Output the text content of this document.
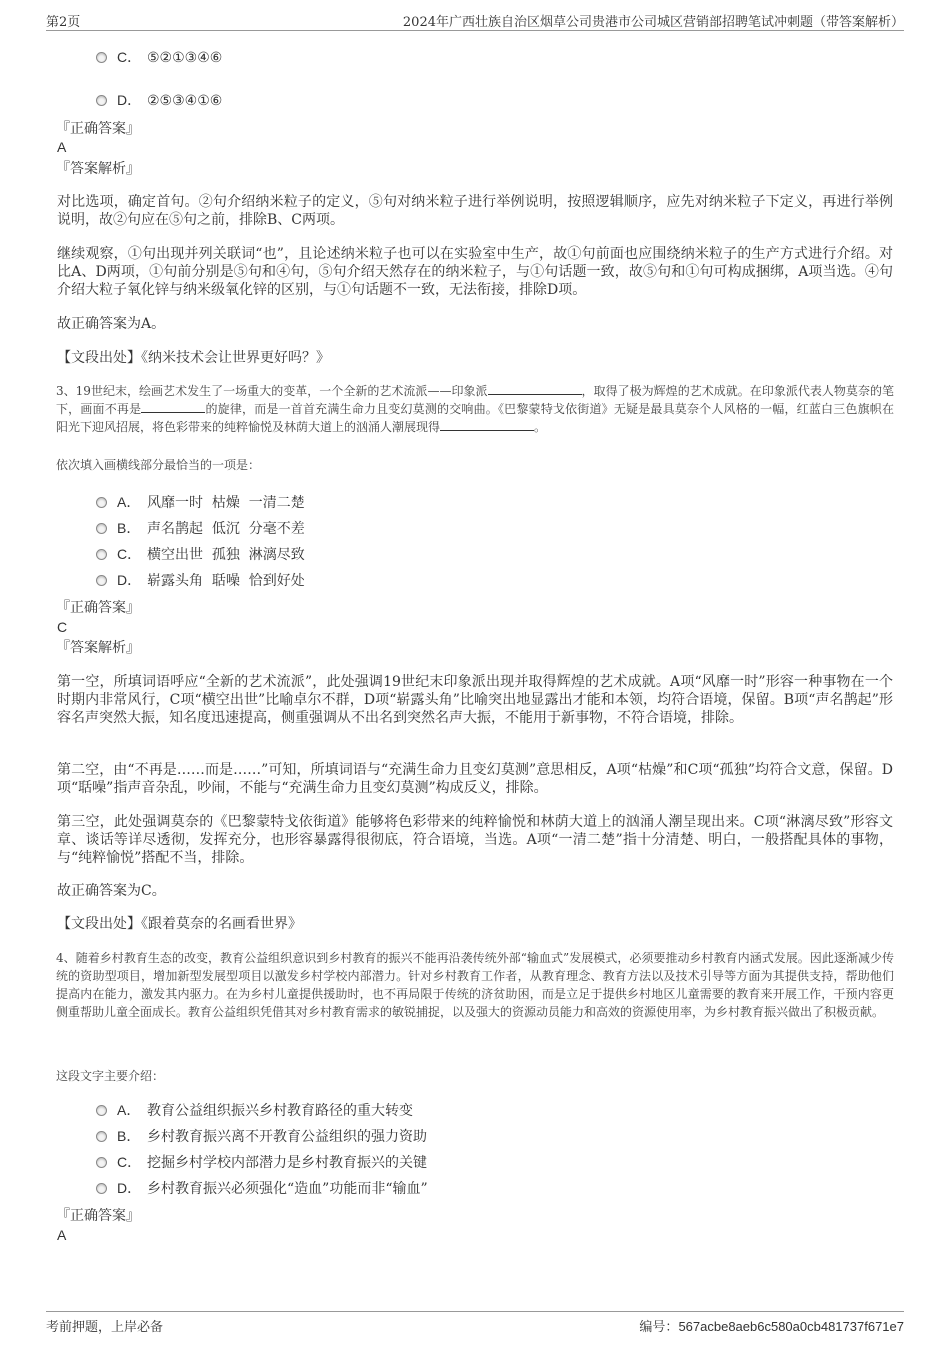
第2页	2024年广西壮族自治区烟草公司贵港市公司城区营销部招聘笔试冲刺题（带答案解析）
C． ⑤②①③④⑥
D． ②⑤③④①⑥
『正确答案』
A
『答案解析』
对比选项，确定首句。②句介绍纳米粒子的定义，⑤句对纳米粒子进行举例说明，按照逻辑顺序，应先对纳米粒子下定义，再进行举例说明，故②句应在⑤句之前，排除B、C两项。
继续观察，①句出现并列关联词“也”，且论述纳米粒子也可以在实验室中生产，故①句前面也应围绕纳米粒子的生产方式进行介绍。对比A、D两项，①句前分别是⑤句和④句，⑤句介绍天然存在的纳米粒子，与①句话题一致，故⑤句和①句可构成捆绑，A项当选。④句介绍大粒子氧化锌与纳米级氧化锌的区别，与①句话题不一致，无法衔接，排除D项。
故正确答案为A。
【文段出处】《纳米技术会让世界更好吗？》
3、19世纪末，绘画艺术发生了一场重大的变革，一个全新的艺术流派——印象派	，取得了极为辉煌的艺术成就。在印象派代表人物莫奈的笔下，画面不再是	的旋律，而是一首首充满生命力且变幻莫测的交响曲。《巴黎蒙特戈依街道》无疑是最具莫奈个人风格的一幅，红蓝白三色旗帜在阳光下迎风招展，将色彩带来的纯粹愉悦及林荫大道上的汹涌人潮展现得	。
依次填入画横线部分最恰当的一项是：
A． 风靡一时  枯燥  一清二楚
B． 声名鹊起  低沉  分毫不差
C． 横空出世  孤独  淋漓尽致
D． 崭露头角  聒噪  恰到好处
『正确答案』
C
『答案解析』
第一空，所填词语呼应“全新的艺术流派”，此处强调19世纪末印象派出现并取得辉煌的艺术成就。A项“风靡一时”形容一种事物在一个时期内非常风行，C项“横空出世”比喻卓尔不群，D项“崭露头角”比喻突出地显露出才能和本领，均符合语境，保留。B项“声名鹊起”形容名声突然大振，知名度迅速提高，侧重强调从不出名到突然名声大振，不能用于新事物，不符合语境，排除。
第二空，由“不再是……而是……”可知，所填词语与“充满生命力且变幻莫测”意思相反，A项“枯燥”和C项“孤独”均符合文意，保留。D项“聒噪”指声音杂乱，吵闹，不能与“充满生命力且变幻莫测”构成反义，排除。
第三空，此处强调莫奈的《巴黎蒙特戈依街道》能够将色彩带来的纯粹愉悦和林荫大道上的汹涌人潮呈现出来。C项“淋漓尽致”形容文章、谈话等详尽透彻，发挥充分，也形容暴露得很彻底，符合语境，当选。A项“一清二楚”指十分清楚、明白，一般搭配具体的事物，与“纯粹愉悦”搭配不当，排除。
故正确答案为C。
【文段出处】《跟着莫奈的名画看世界》
4、随着乡村教育生态的改变，教育公益组织意识到乡村教育的振兴不能再沿袭传统外部“输血式”发展模式，必须要推动乡村教育内涵式发展。因此逐渐减少传统的资助型项目，增加新型发展型项目以激发乡村学校内部潜力。针对乡村教育工作者，从教育理念、教育方法以及技术引导等方面为其提供支持，帮助他们提高内在能力，激发其内驱力。在为乡村儿童提供援助时，也不再局限于传统的济贫助困，而是立足于提供乡村地区儿童需要的教育来开展工作，干预内容更侧重帮助儿童全面成长。教育公益组织凭借其对乡村教育需求的敏锐捕捉，以及强大的资源动员能力和高效的资源使用率，为乡村教育振兴做出了积极贡献。
这段文字主要介绍：
A． 教育公益组织振兴乡村教育路径的重大转变
B． 乡村教育振兴离不开教育公益组织的强力资助
C． 挖掘乡村学校内部潜力是乡村教育振兴的关键
D． 乡村教育振兴必须强化“造血”功能而非“输血”
『正确答案』
A
考前押题，上岸必备	编号：567acbe8aeb6c580a0cb481737f671e7
